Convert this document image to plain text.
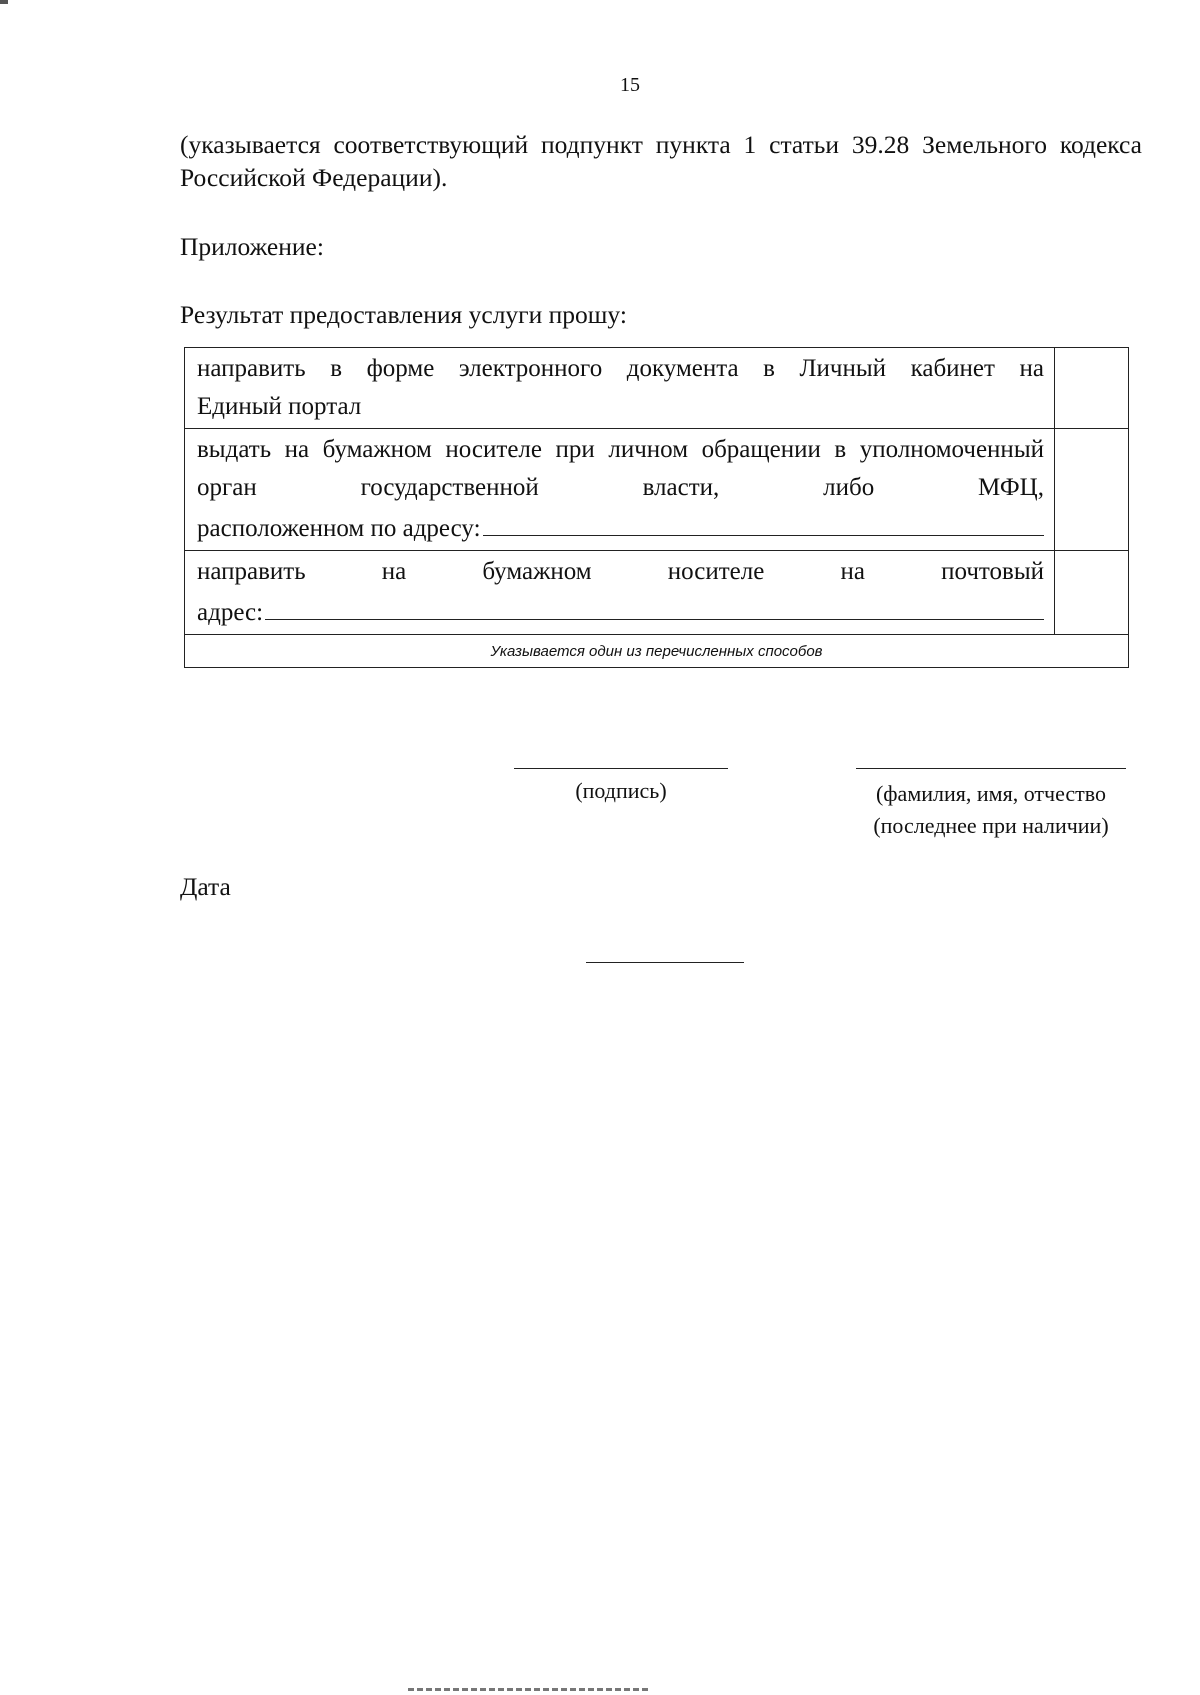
15
(указывается соответствующий подпункт пункта 1 статьи 39.28 Земельного кодекса Российской Федерации).
Приложение:
Результат предоставления услуги прошу:
направить в форме электронного документа в Личный кабинет на
Единый портал	

выдать на бумажном носителе при личном обращении в уполномоченный орган государственной власти, либо МФЦ,
расположенном по адресу:	

направить на бумажном носителе на почтовый
адрес:	

Указывается один из перечисленных способов	
(подпись)	(фамилия, имя, отчество
(последнее при наличии)
Дата
